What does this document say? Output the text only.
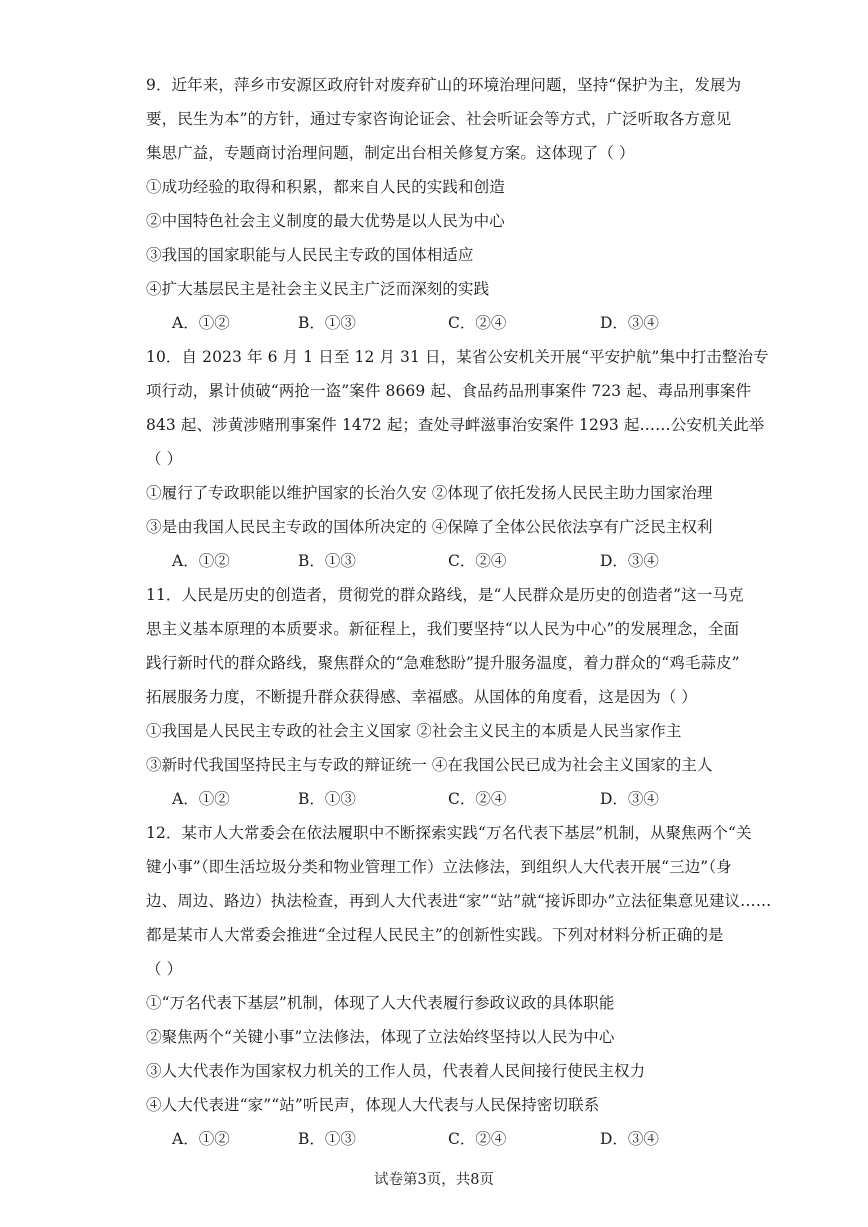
9．近年来，萍乡市安源区政府针对废弃矿山的环境治理问题，坚持“保护为主，发展为
要，民生为本”的方针，通过专家咨询论证会、社会听证会等方式，广泛听取各方意见
集思广益，专题商讨治理问题，制定出台相关修复方案。这体现了（ ）
①成功经验的取得和积累，都来自人民的实践和创造
②中国特色社会主义制度的最大优势是以人民为中心
③我国的国家职能与人民民主专政的国体相适应
④扩大基层民主是社会主义民主广泛而深刻的实践
A．①②	B．①③	C．②④	D．③④
10．自 2023 年 6 月 1 日至 12 月 31 日，某省公安机关开展“平安护航”集中打击整治专
项行动，累计侦破“两抢一盗”案件 8669 起、食品药品刑事案件 723 起、毒品刑事案件
843 起、涉黄涉赌刑事案件 1472 起；查处寻衅滋事治安案件 1293 起……公安机关此举
（ ）
①履行了专政职能以维护国家的长治久安 ②体现了依托发扬人民民主助力国家治理
③是由我国人民民主专政的国体所决定的 ④保障了全体公民依法享有广泛民主权利
A．①②	B．①③	C．②④	D．③④
11．人民是历史的创造者，贯彻党的群众路线，是“人民群众是历史的创造者”这一马克
思主义基本原理的本质要求。新征程上，我们要坚持“以人民为中心”的发展理念，全面
践行新时代的群众路线，聚焦群众的“急难愁盼”提升服务温度，着力群众的“鸡毛蒜皮”
拓展服务力度，不断提升群众获得感、幸福感。从国体的角度看，这是因为（ ）
①我国是人民民主专政的社会主义国家 ②社会主义民主的本质是人民当家作主
③新时代我国坚持民主与专政的辩证统一 ④在我国公民已成为社会主义国家的主人
A．①②	B．①③	C．②④	D．③④
12．某市人大常委会在依法履职中不断探索实践“万名代表下基层”机制，从聚焦两个“关
键小事”（即生活垃圾分类和物业管理工作）立法修法，到组织人大代表开展“三边”（身
边、周边、路边）执法检查，再到人大代表进“家”“站”就“接诉即办”立法征集意见建议……
都是某市人大常委会推进“全过程人民民主”的创新性实践。下列对材料分析正确的是
（ ）
①“万名代表下基层”机制，体现了人大代表履行参政议政的具体职能
②聚焦两个“关键小事”立法修法，体现了立法始终坚持以人民为中心
③人大代表作为国家权力机关的工作人员，代表着人民间接行使民主权力
④人大代表进“家”“站”听民声，体现人大代表与人民保持密切联系
A．①②	B．①③	C．②④	D．③④
试卷第3页，共8页
